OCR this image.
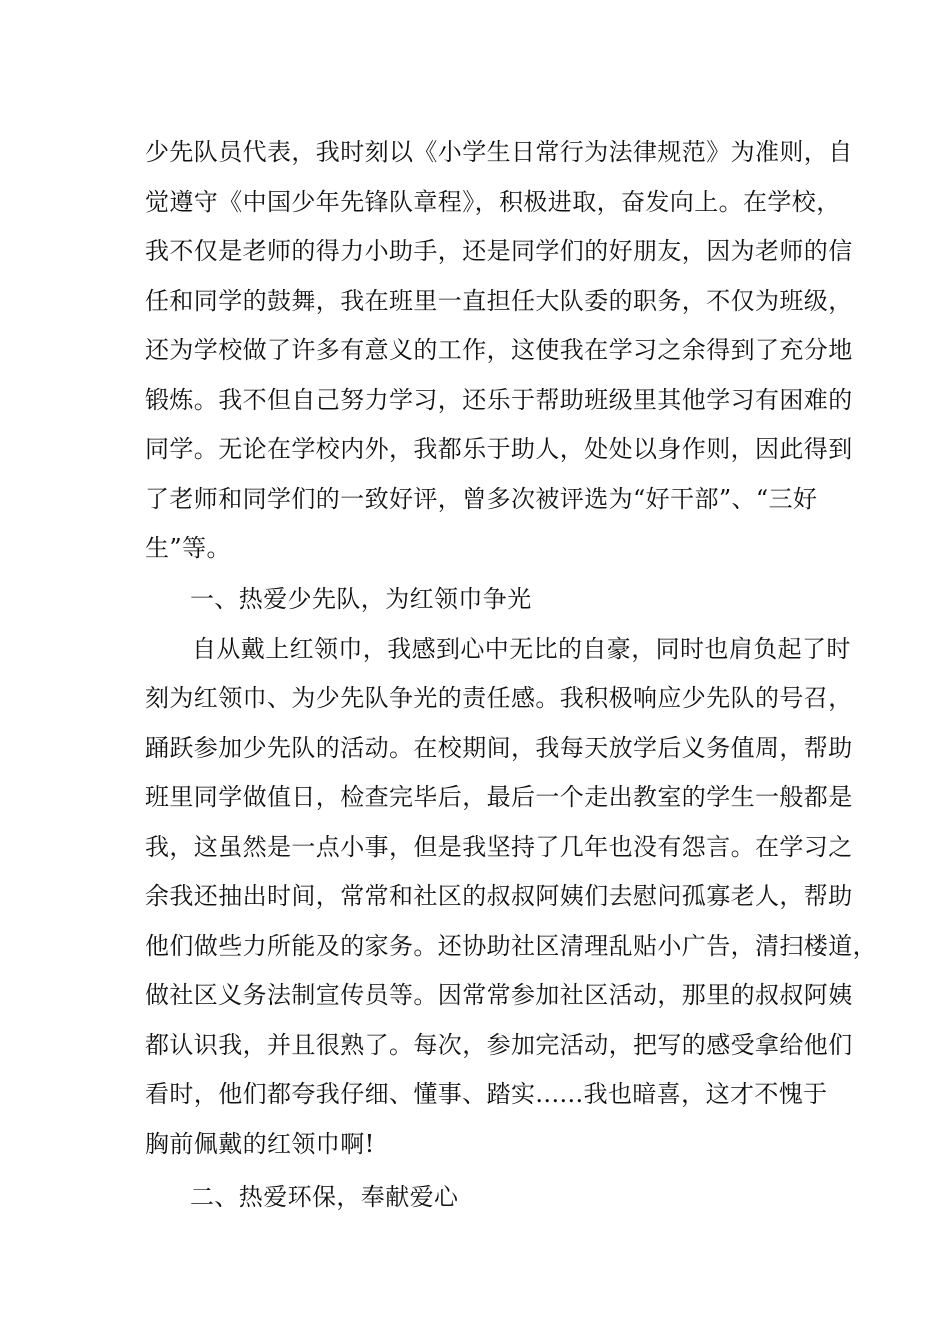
少先队员代表，我时刻以《小学生日常行为法律规范》为准则，自
觉遵守《中国少年先锋队章程》，积极进取，奋发向上。在学校，
我不仅是老师的得力小助手，还是同学们的好朋友，因为老师的信
任和同学的鼓舞，我在班里一直担任大队委的职务，不仅为班级，
还为学校做了许多有意义的工作，这使我在学习之余得到了充分地
锻炼。我不但自己努力学习，还乐于帮助班级里其他学习有困难的
同学。无论在学校内外，我都乐于助人，处处以身作则，因此得到
了老师和同学们的一致好评，曾多次被评选为“好干部”、“三好
生”等。
一、热爱少先队，为红领巾争光
自从戴上红领巾，我感到心中无比的自豪，同时也肩负起了时
刻为红领巾、为少先队争光的责任感。我积极响应少先队的号召，
踊跃参加少先队的活动。在校期间，我每天放学后义务值周，帮助
班里同学做值日，检查完毕后，最后一个走出教室的学生一般都是
我，这虽然是一点小事，但是我坚持了几年也没有怨言。在学习之
余我还抽出时间，常常和社区的叔叔阿姨们去慰问孤寡老人，帮助
他们做些力所能及的家务。还协助社区清理乱贴小广告，清扫楼道，
做社区义务法制宣传员等。因常常参加社区活动，那里的叔叔阿姨
都认识我，并且很熟了。每次，参加完活动，把写的感受拿给他们
看时，他们都夸我仔细、懂事、踏实......我也暗喜，这才不愧于
胸前佩戴的红领巾啊!
二、热爱环保，奉献爱心
